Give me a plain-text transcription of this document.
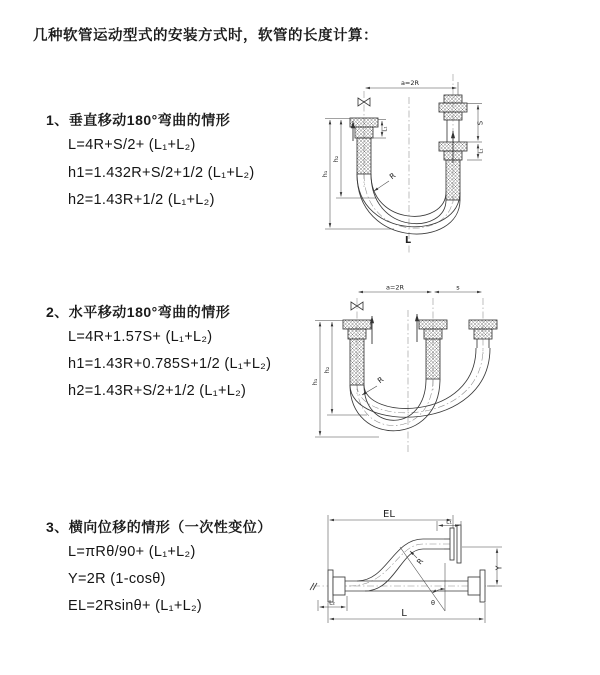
几种软管运动型式的安装方式时，软管的长度计算：
1、垂直移动180°弯曲的情形
L=4R+S/2+ (L₁+L₂)
h1=1.432R+S/2+1/2 (L₁+L₂)
h2=1.43R+1/2 (L₁+L₂)
a=2R
h₁
h₂
L₁
S
L₁
R
L
2、水平移动180°弯曲的情形
L=4R+1.57S+ (L₁+L₂)
h1=1.43R+0.785S+1/2 (L₁+L₂)
h2=1.43R+S/2+1/2 (L₁+L₂)
a=2R	s
h₁
h₂
R
3、横向位移的情形（一次性变位）
L=πRθ/90+ (L₁+L₂)
Y=2R (1-cosθ)
EL=2Rsinθ+ (L₁+L₂)
EL
L₁
Y
R
θ
L
L₂
